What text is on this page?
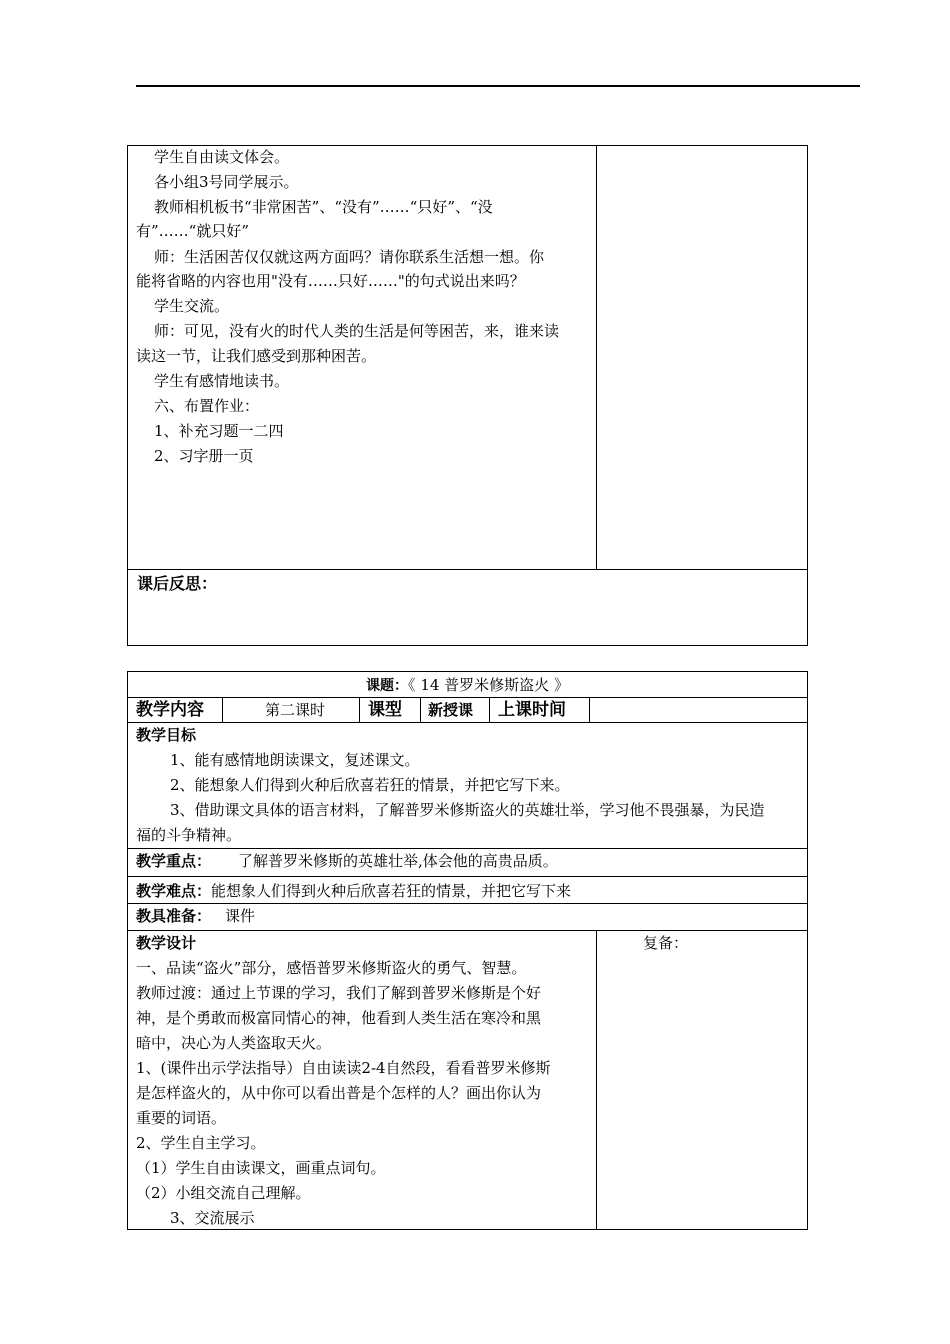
学生自由读文体会。
各小组3号同学展示。
教师相机板书“非常困苦”、“没有”……“只好”、“没
有”……“就只好”
师：生活困苦仅仅就这两方面吗？请你联系生活想一想。你
能将省略的内容也用"没有……只好……"的句式说出来吗？
学生交流。
师：可见，没有火的时代人类的生活是何等困苦，来，谁来读
读这一节，让我们感受到那种困苦。
学生有感情地读书。
六、布置作业：
1、补充习题一二四
2、习字册一页
课后反思：
课题：《 14 普罗米修斯盗火 》
教学内容	第二课时	课型 新授课 上课时间
教学目标
1、能有感情地朗读课文，复述课文。
2、能想象人们得到火种后欣喜若狂的情景，并把它写下来。
3、借助课文具体的语言材料，了解普罗米修斯盗火的英雄壮举，学习他不畏强暴，为民造
福的斗争精神。
教学重点： 了解普罗米修斯的英雄壮举,体会他的高贵品质。
教学难点：能想象人们得到火种后欣喜若狂的情景，并把它写下来
教具准备： 课件
教学设计	复备：
一、品读“盗火”部分，感悟普罗米修斯盗火的勇气、智慧。
教师过渡：通过上节课的学习，我们了解到普罗米修斯是个好
神，是个勇敢而极富同情心的神，他看到人类生活在寒冷和黑
暗中，决心为人类盗取天火。
1、(课件出示学法指导）自由读读2-4自然段，看看普罗米修斯
是怎样盗火的，从中你可以看出普是个怎样的人？画出你认为
重要的词语。
2、学生自主学习。
（1）学生自由读课文，画重点词句。
（2）小组交流自己理解。
3、交流展示
